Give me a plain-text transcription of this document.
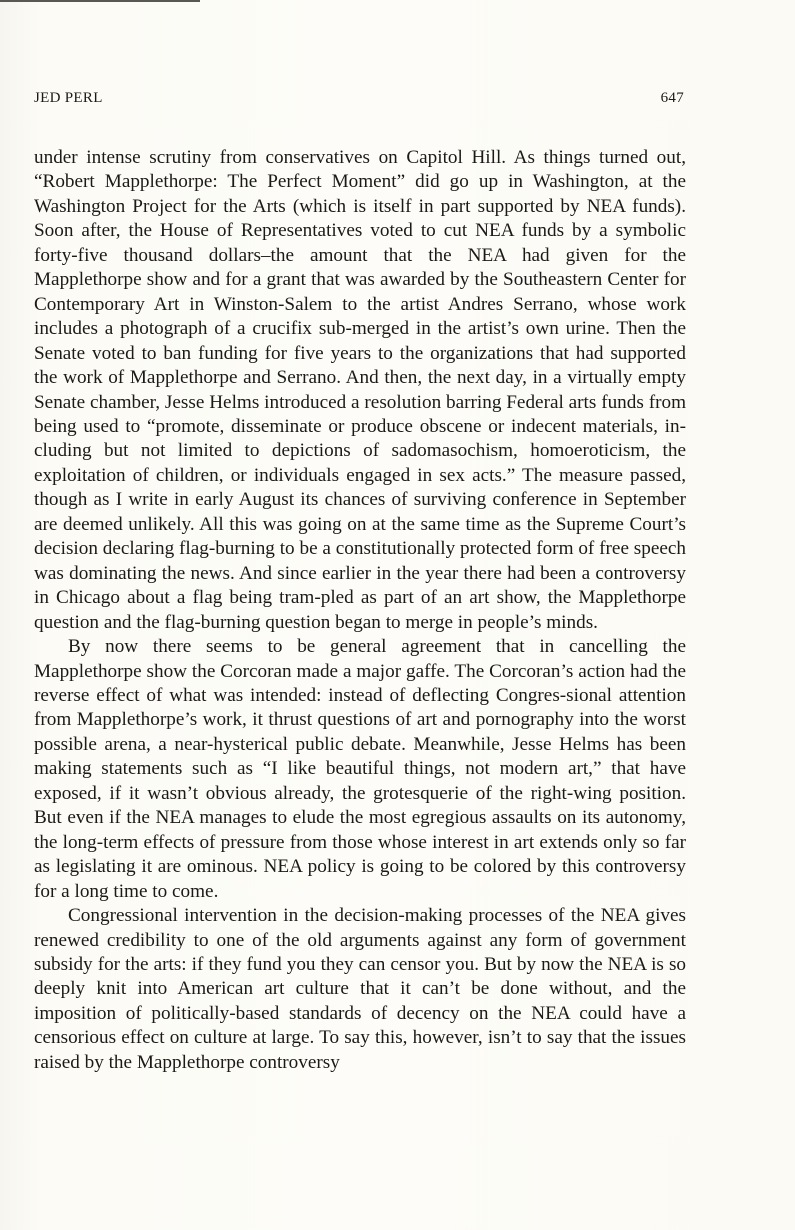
JED PERL	647

under intense scrutiny from conservatives on Capitol Hill. As things turned out, “Robert Mapplethorpe: The Perfect Moment” did go up in Washington, at the Washington Project for the Arts (which is itself in part supported by NEA funds). Soon after, the House of Representatives voted to cut NEA funds by a symbolic forty-five thousand dollars–the amount that the NEA had given for the Mapplethorpe show and for a grant that was awarded by the Southeastern Center for Contemporary Art in Winston-Salem to the artist Andres Serrano, whose work includes a photograph of a crucifix sub-merged in the artist’s own urine. Then the Senate voted to ban funding for five years to the organizations that had supported the work of Mapplethorpe and Serrano. And then, the next day, in a virtually empty Senate chamber, Jesse Helms introduced a resolution barring Federal arts funds from being used to “promote, disseminate or produce obscene or indecent materials, in-cluding but not limited to depictions of sadomasochism, homoeroticism, the exploitation of children, or individuals engaged in sex acts.” The measure passed, though as I write in early August its chances of surviving conference in September are deemed unlikely. All this was going on at the same time as the Supreme Court’s decision declaring flag-burning to be a constitutionally protected form of free speech was dominating the news. And since earlier in the year there had been a controversy in Chicago about a flag being tram-pled as part of an art show, the Mapplethorpe question and the flag-burning question began to merge in people’s minds.

By now there seems to be general agreement that in cancelling the Mapplethorpe show the Corcoran made a major gaffe. The Corcoran’s action had the reverse effect of what was intended: instead of deflecting Congres-sional attention from Mapplethorpe’s work, it thrust questions of art and pornography into the worst possible arena, a near-hysterical public debate. Meanwhile, Jesse Helms has been making statements such as “I like beautiful things, not modern art,” that have exposed, if it wasn’t obvious already, the grotesquerie of the right-wing position. But even if the NEA manages to elude the most egregious assaults on its autonomy, the long-term effects of pressure from those whose interest in art extends only so far as legislating it are ominous. NEA policy is going to be colored by this controversy for a long time to come.

Congressional intervention in the decision-making processes of the NEA gives renewed credibility to one of the old arguments against any form of government subsidy for the arts: if they fund you they can censor you. But by now the NEA is so deeply knit into American art culture that it can’t be done without, and the imposition of politically-based standards of decency on the NEA could have a censorious effect on culture at large. To say this, however, isn’t to say that the issues raised by the Mapplethorpe controversy
